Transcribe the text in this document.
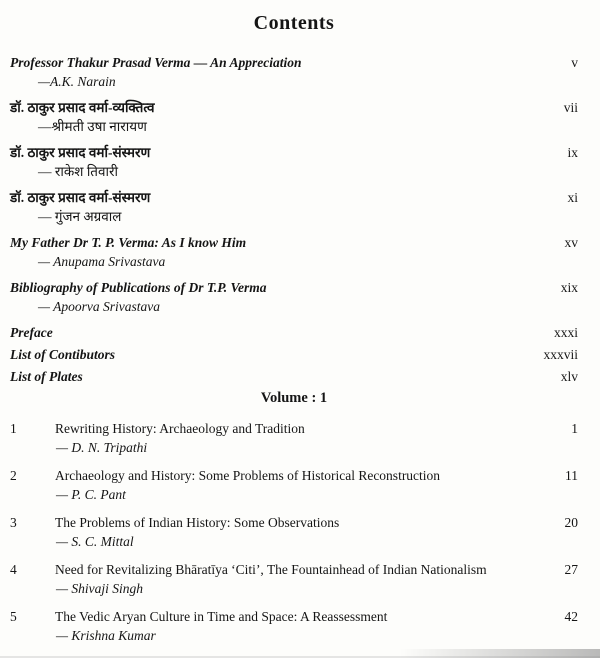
Contents
Professor Thakur Prasad Verma — An Appreciation	v
—A.K. Narain
डॉ. ठाकुर प्रसाद वर्मा-व्यक्तित्व	vii
—श्रीमती उषा नारायण
डॉ. ठाकुर प्रसाद वर्मा-संस्मरण	ix
— राकेश तिवारी
डॉ. ठाकुर प्रसाद वर्मा-संस्मरण	xi
— गुंजन अग्रवाल
My Father Dr T. P. Verma: As I know Him	xv
— Anupama Srivastava
Bibliography of Publications of Dr T.P. Verma	xix
— Apoorva Srivastava
Preface	xxxi
List of Contibutors	xxxvii
List of Plates	xlv
Volume : 1
1	Rewriting History: Archaeology and Tradition	1
— D. N. Tripathi
2	Archaeology and History: Some Problems of Historical Reconstruction	11
— P. C. Pant
3	The Problems of Indian History: Some Observations	20
— S. C. Mittal
4	Need for Revitalizing Bhāratīya ‘Citi’, The Fountainhead of Indian Nationalism	27
— Shivaji Singh
5	The Vedic Aryan Culture in Time and Space: A Reassessment	42
— Krishna Kumar
